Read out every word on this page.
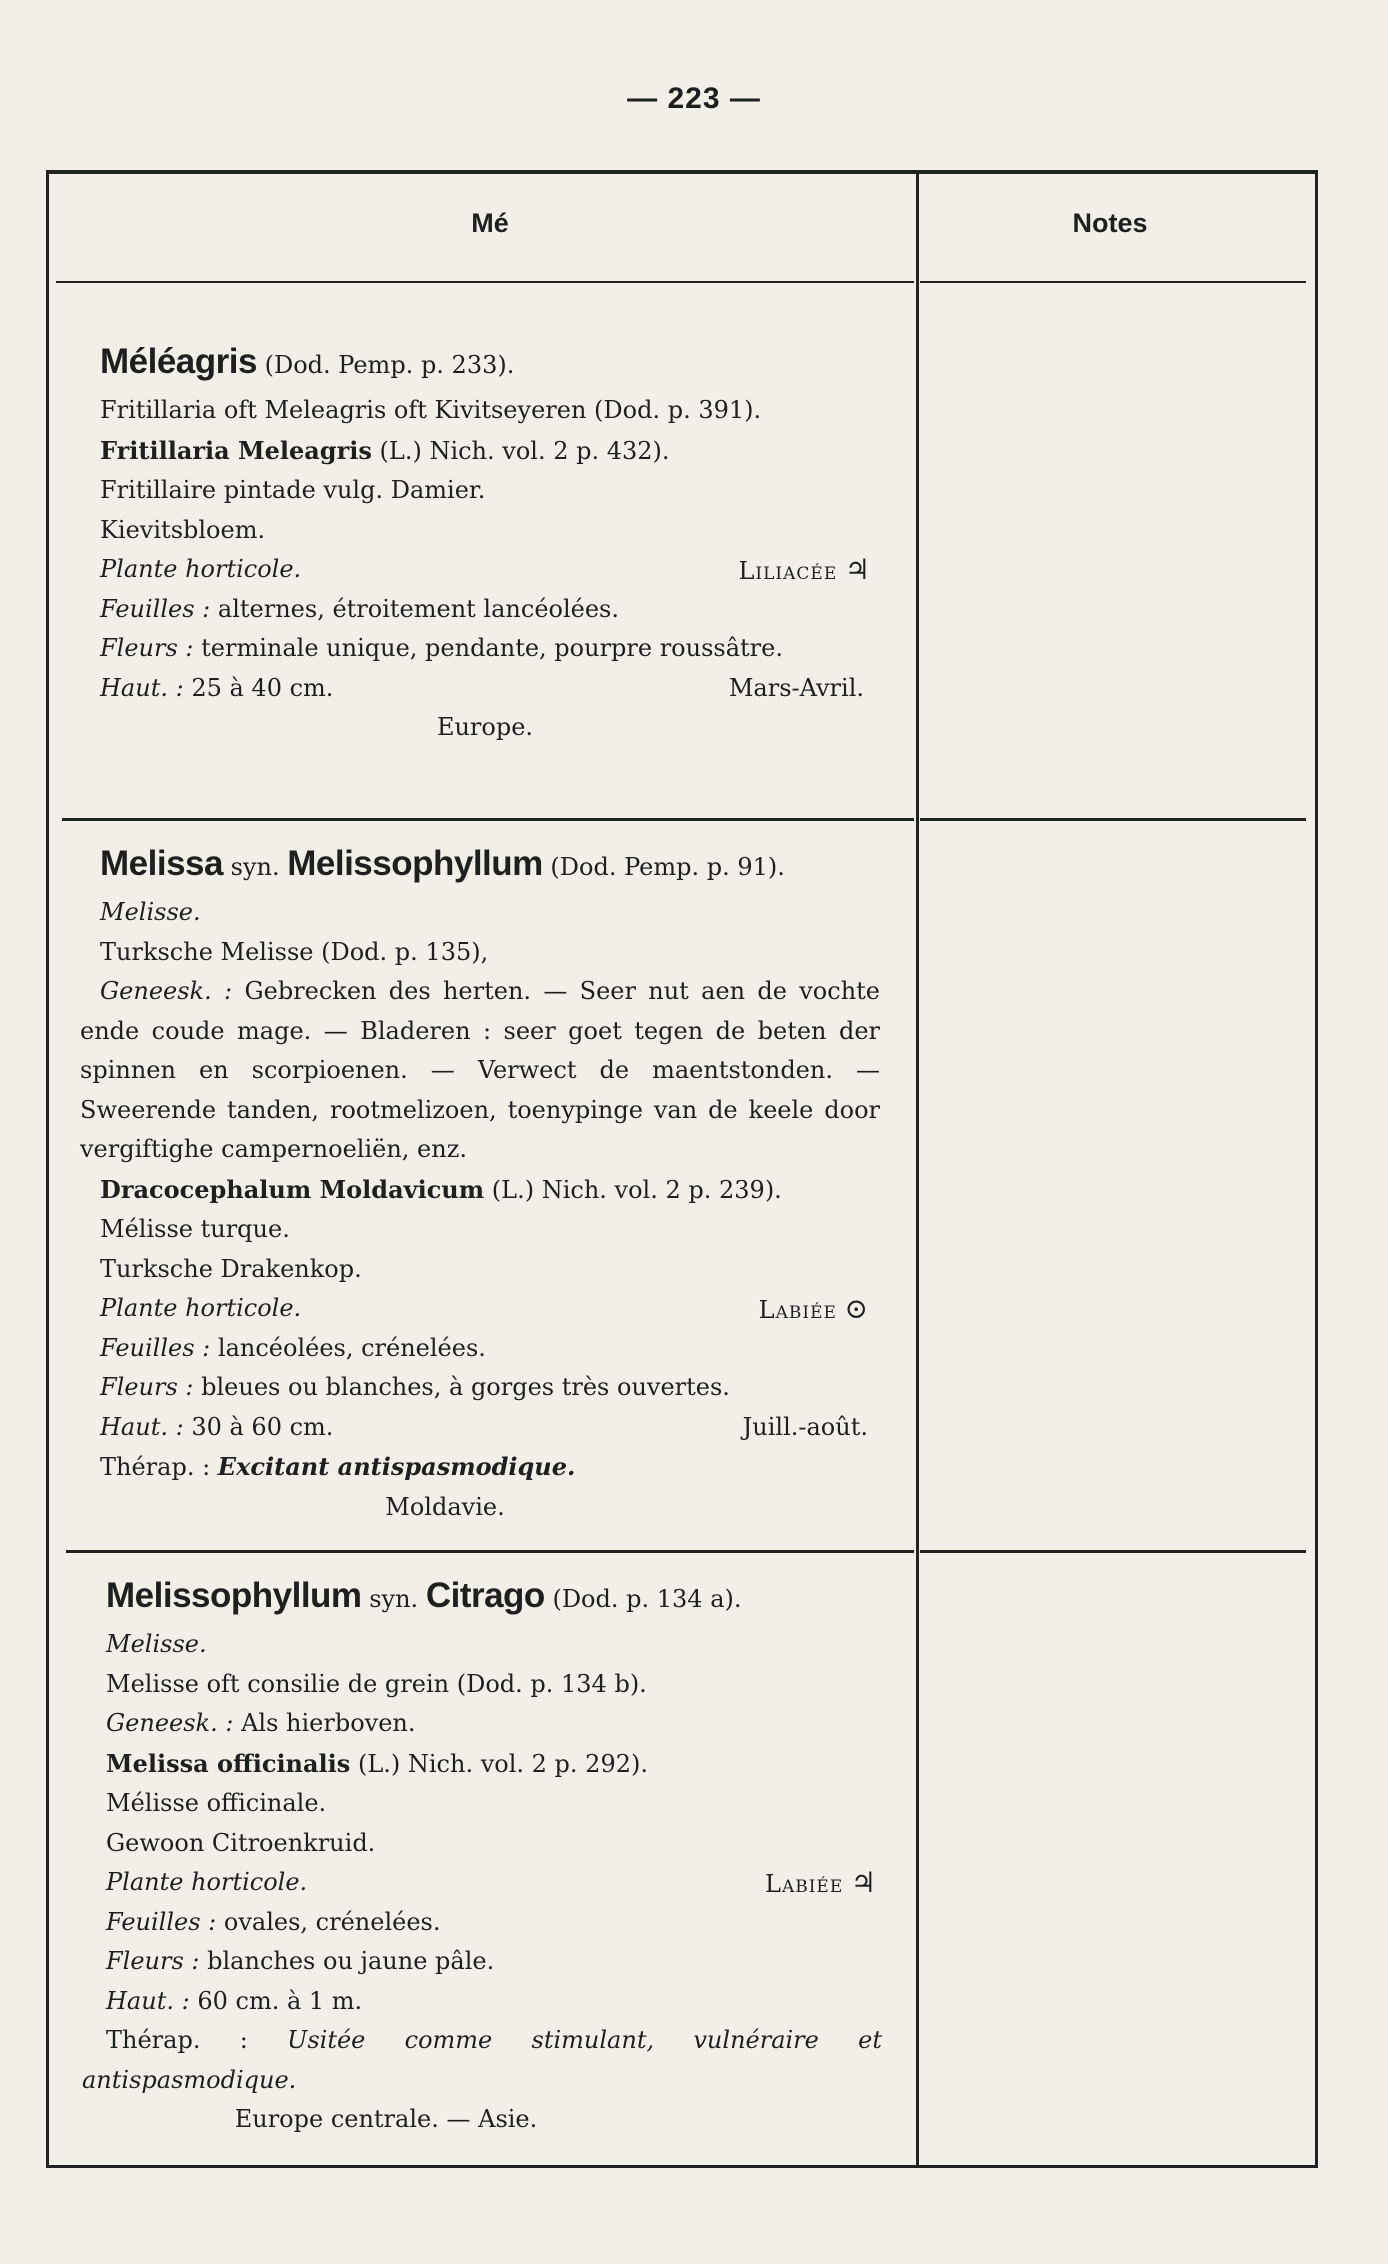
— 223 —
Mé	Notes
Méléagris (Dod. Pemp. p. 233).
Fritillaria oft Meleagris oft Kivitseyeren (Dod. p. 391).
Fritillaria Meleagris (L.) Nich. vol. 2 p. 432).
Fritillaire pintade vulg. Damier.
Kievitsbloem.
Plante horticole.	Liliacée ♃
Feuilles : alternes, étroitement lancéolées.
Fleurs : terminale unique, pendante, pourpre roussâtre.
Haut. : 25 à 40 cm.	Mars-Avril.
Europe.
Melissa syn. Melissophyllum (Dod. Pemp. p. 91).
Melisse.
Turksche Melisse (Dod. p. 135),
Geneesk. : Gebrecken des herten. — Seer nut aen de vochte ende coude mage. — Bladeren : seer goet tegen de beten der spinnen en scorpioenen. — Verwect de maentstonden. — Sweerende tanden, rootmelizoen, toenypinge van de keele door vergiftighe campernoeliën, enz.
Dracocephalum Moldavicum (L.) Nich. vol. 2 p. 239).
Mélisse turque.
Turksche Drakenkop.
Plante horticole.	Labiée ⊙
Feuilles : lancéolées, crénelées.
Fleurs : bleues ou blanches, à gorges très ouvertes.
Haut. : 30 à 60 cm.	Juill.-août.
Thérap. : Excitant antispasmodique.
Moldavie.
Melissophyllum syn. Citrago (Dod. p. 134 a).
Melisse.
Melisse oft consilie de grein (Dod. p. 134 b).
Geneesk. : Als hierboven.
Melissa officinalis (L.) Nich. vol. 2 p. 292).
Mélisse officinale.
Gewoon Citroenkruid.
Plante horticole.	Labiée ♃
Feuilles : ovales, crénelées.
Fleurs : blanches ou jaune pâle.
Haut. : 60 cm. à 1 m.
Thérap. : Usitée comme stimulant, vulnéraire et antispasmodique.
Europe centrale. — Asie.
